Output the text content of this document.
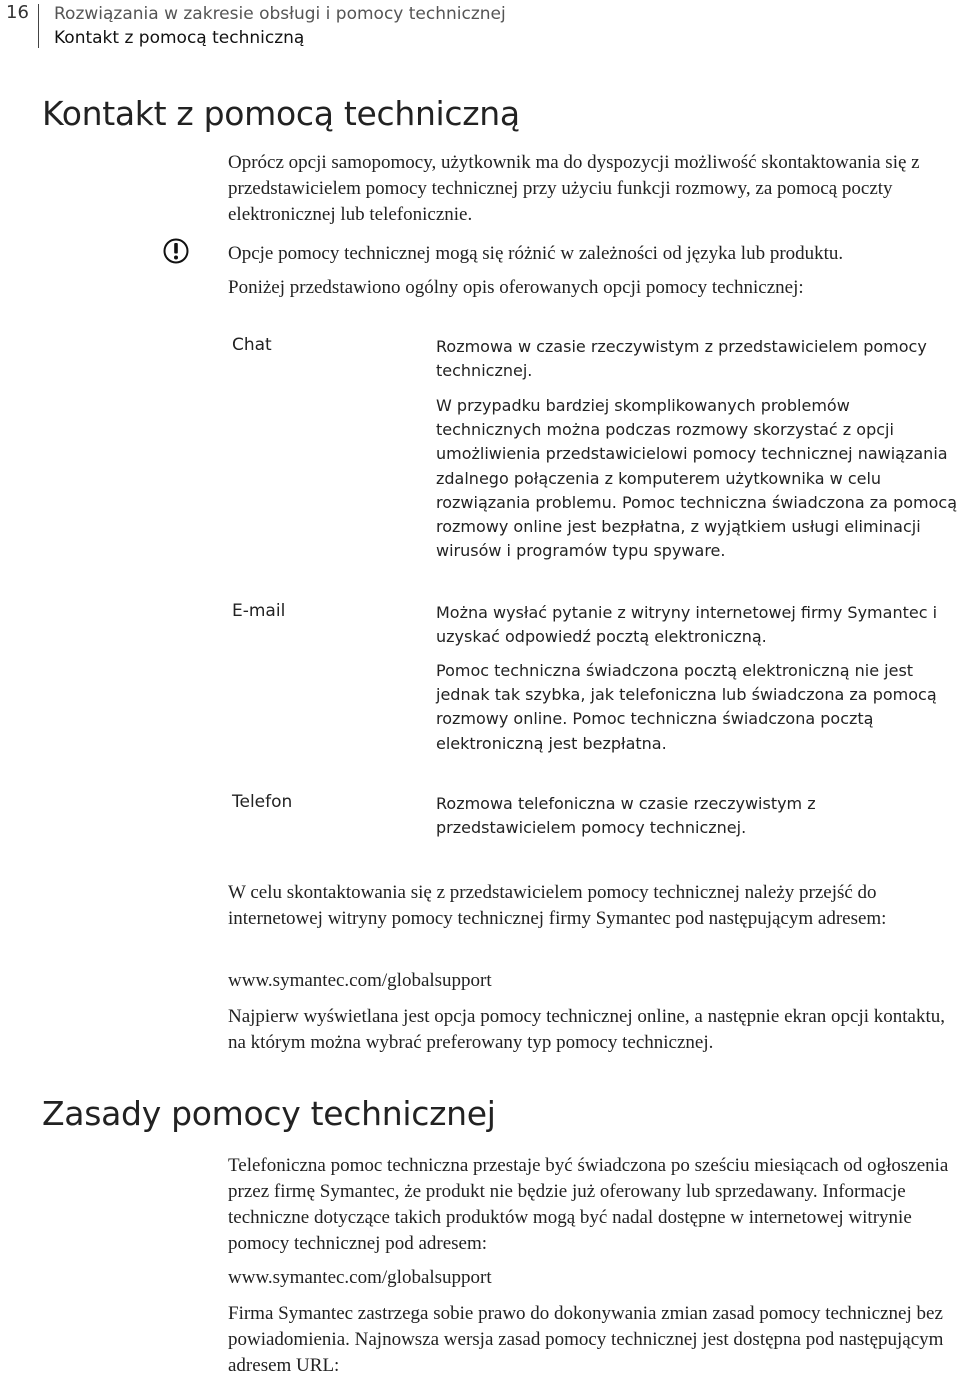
16 Rozwiązania w zakresie obsługi i pomocy technicznej
Kontakt z pomocą techniczną
Kontakt z pomocą techniczną

Oprócz opcji samopomocy, użytkownik ma do dyspozycji możliwość skontaktowania się z przedstawicielem pomocy technicznej przy użyciu funkcji rozmowy, za pomocą poczty elektronicznej lub telefonicznie.

Opcje pomocy technicznej mogą się różnić w zależności od języka lub produktu.

Poniżej przedstawiono ogólny opis oferowanych opcji pomocy technicznej:

Chat	Rozmowa w czasie rzeczywistym z przedstawicielem pomocy technicznej.

W przypadku bardziej skomplikowanych problemów technicznych można podczas rozmowy skorzystać z opcji umożliwienia przedstawicielowi pomocy technicznej nawiązania zdalnego połączenia z komputerem użytkownika w celu rozwiązania problemu. Pomoc techniczna świadczona za pomocą rozmowy online jest bezpłatna, z wyjątkiem usługi eliminacji wirusów i programów typu spyware.

E-mail	Można wysłać pytanie z witryny internetowej firmy Symantec i uzyskać odpowiedź pocztą elektroniczną.

Pomoc techniczna świadczona pocztą elektroniczną nie jest jednak tak szybka, jak telefoniczna lub świadczona za pomocą rozmowy online. Pomoc techniczna świadczona pocztą elektroniczną jest bezpłatna.

Telefon	Rozmowa telefoniczna w czasie rzeczywistym z przedstawicielem pomocy technicznej.

W celu skontaktowania się z przedstawicielem pomocy technicznej należy przejść do internetowej witryny pomocy technicznej firmy Symantec pod następującym adresem:

www.symantec.com/globalsupport

Najpierw wyświetlana jest opcja pomocy technicznej online, a następnie ekran opcji kontaktu, na którym można wybrać preferowany typ pomocy technicznej.

Zasady pomocy technicznej

Telefoniczna pomoc techniczna przestaje być świadczona po sześciu miesiącach od ogłoszenia przez firmę Symantec, że produkt nie będzie już oferowany lub sprzedawany. Informacje techniczne dotyczące takich produktów mogą być nadal dostępne w internetowej witrynie pomocy technicznej pod adresem:

www.symantec.com/globalsupport

Firma Symantec zastrzega sobie prawo do dokonywania zmian zasad pomocy technicznej bez powiadomienia. Najnowsza wersja zasad pomocy technicznej jest dostępna pod następującym adresem URL:
